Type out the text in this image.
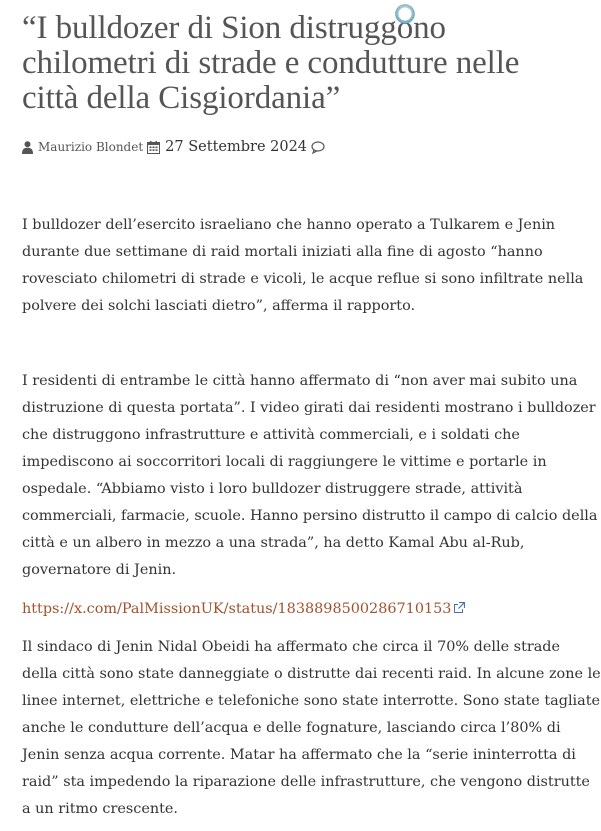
“I bulldozer di Sion distruggono
chilometri di strade e condutture nelle
città della Cisgiordania”
Maurizio Blondet 27 Settembre 2024

I bulldozer dell’esercito israeliano che hanno operato a Tulkarem e Jenin
durante due settimane di raid mortali iniziati alla fine di agosto “hanno
rovesciato chilometri di strade e vicoli, le acque reflue si sono infiltrate nella
polvere dei solchi lasciati dietro”, afferma il rapporto.

I residenti di entrambe le città hanno affermato di “non aver mai subito una
distruzione di questa portata”. I video girati dai residenti mostrano i bulldozer
che distruggono infrastrutture e attività commerciali, e i soldati che
impediscono ai soccorritori locali di raggiungere le vittime e portarle in
ospedale. “Abbiamo visto i loro bulldozer distruggere strade, attività
commerciali, farmacie, scuole. Hanno persino distrutto il campo di calcio della
città e un albero in mezzo a una strada”, ha detto Kamal Abu al-Rub,
governatore di Jenin.

https://x.com/PalMissionUK/status/1838898500286710153

Il sindaco di Jenin Nidal Obeidi ha affermato che circa il 70% delle strade
della città sono state danneggiate o distrutte dai recenti raid. In alcune zone le
linee internet, elettriche e telefoniche sono state interrotte. Sono state tagliate
anche le condutture dell’acqua e delle fognature, lasciando circa l’80% di
Jenin senza acqua corrente. Matar ha affermato che la “serie ininterrotta di
raid” sta impedendo la riparazione delle infrastrutture, che vengono distrutte
a un ritmo crescente.
